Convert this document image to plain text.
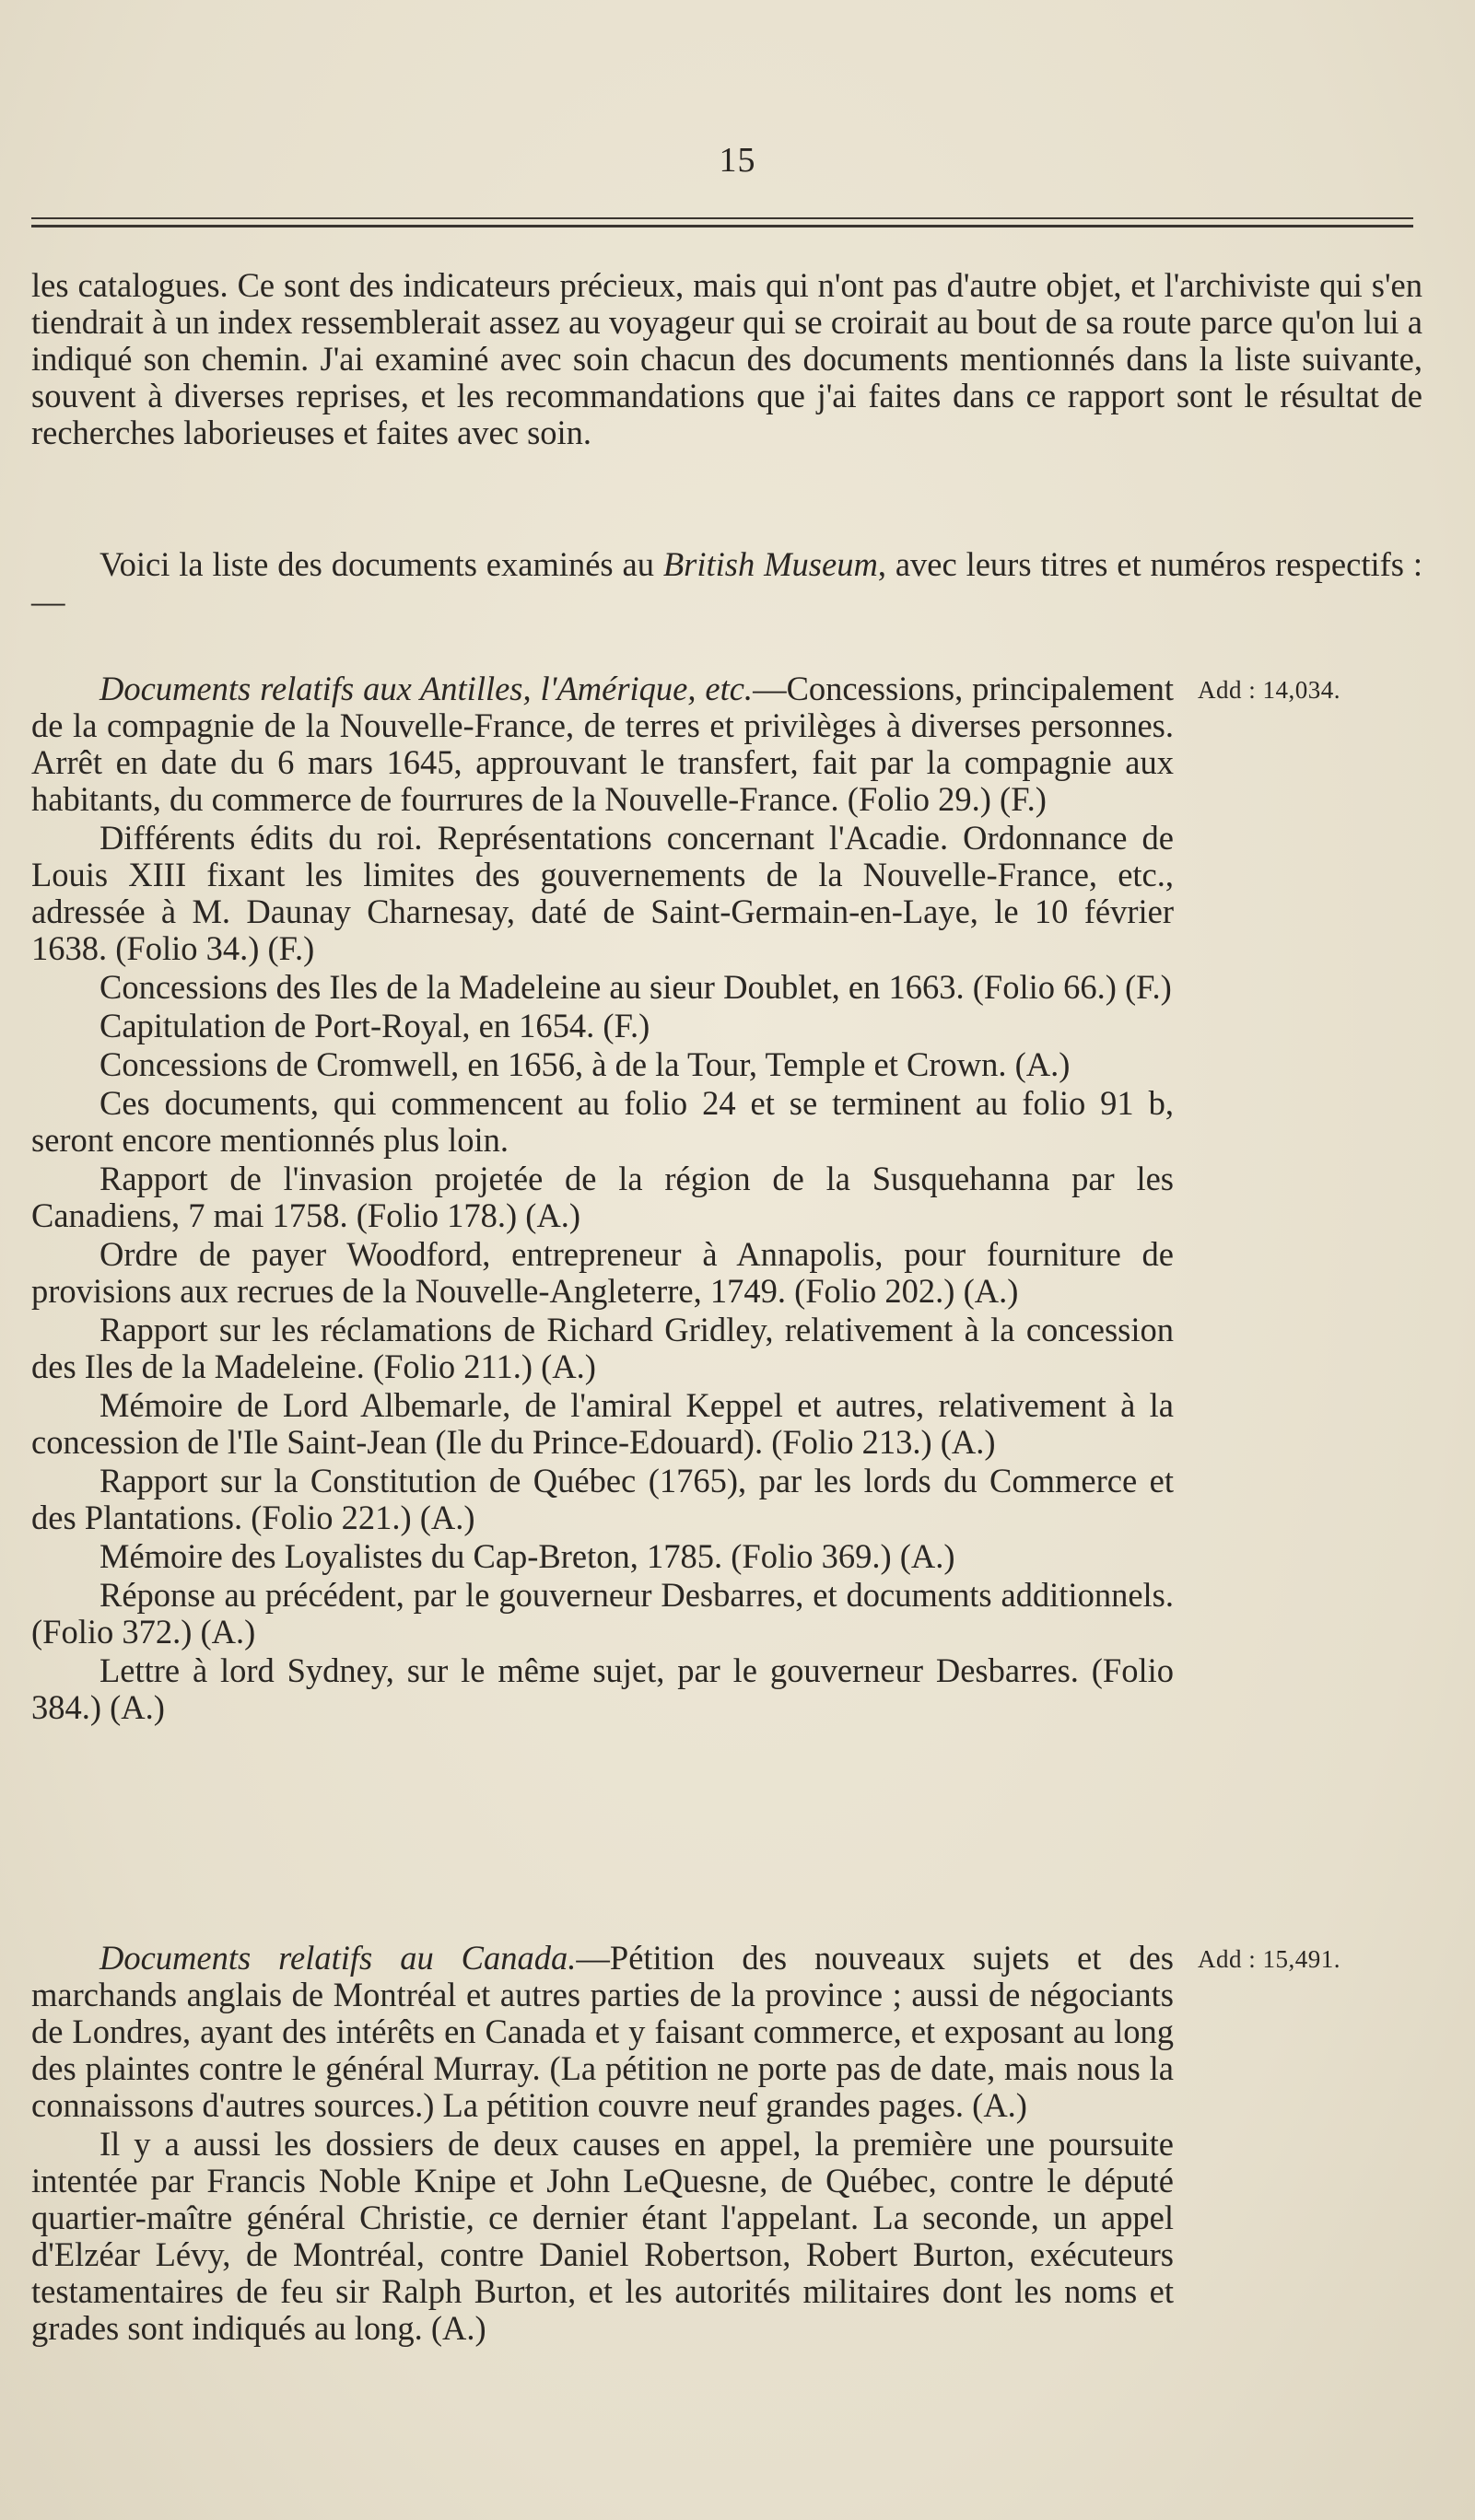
15

les catalogues. Ce sont des indicateurs précieux, mais qui n'ont pas d'autre objet, et l'archiviste qui s'en tiendrait à un index ressemblerait assez au voyageur qui se croirait au bout de sa route parce qu'on lui a indiqué son chemin. J'ai examiné avec soin chacun des documents mentionnés dans la liste suivante, souvent à diverses reprises, et les recommandations que j'ai faites dans ce rapport sont le résultat de recherches laborieuses et faites avec soin.

Voici la liste des documents examinés au British Museum, avec leurs titres et numéros respectifs :—

Add : 14,034.

Documents relatifs aux Antilles, l'Amérique, etc.—Concessions, principalement de la compagnie de la Nouvelle-France, de terres et privilèges à diverses personnes. Arrêt en date du 6 mars 1645, approuvant le transfert, fait par la compagnie aux habitants, du commerce de fourrures de la Nouvelle-France. (Folio 29.) (F.)

Différents édits du roi. Représentations concernant l'Acadie. Ordonnance de Louis XIII fixant les limites des gouvernements de la Nouvelle-France, etc., adressée à M. Daunay Charnesay, daté de Saint-Germain-en-Laye, le 10 février 1638. (Folio 34.) (F.)

Concessions des Iles de la Madeleine au sieur Doublet, en 1663. (Folio 66.) (F.)

Capitulation de Port-Royal, en 1654. (F.)

Concessions de Cromwell, en 1656, à de la Tour, Temple et Crown. (A.)

Ces documents, qui commencent au folio 24 et se terminent au folio 91 b, seront encore mentionnés plus loin.

Rapport de l'invasion projetée de la région de la Susquehanna par les Canadiens, 7 mai 1758. (Folio 178.) (A.)

Ordre de payer Woodford, entrepreneur à Annapolis, pour fourniture de provisions aux recrues de la Nouvelle-Angleterre, 1749. (Folio 202.) (A.)

Rapport sur les réclamations de Richard Gridley, relativement à la concession des Iles de la Madeleine. (Folio 211.) (A.)

Mémoire de Lord Albemarle, de l'amiral Keppel et autres, relativement à la concession de l'Ile Saint-Jean (Ile du Prince-Edouard). (Folio 213.) (A.)

Rapport sur la Constitution de Québec (1765), par les lords du Commerce et des Plantations. (Folio 221.) (A.)

Mémoire des Loyalistes du Cap-Breton, 1785. (Folio 369.) (A.)

Réponse au précédent, par le gouverneur Desbarres, et documents additionnels. (Folio 372.) (A.)

Lettre à lord Sydney, sur le même sujet, par le gouverneur Desbarres. (Folio 384.) (A.)

Add : 15,491.

Documents relatifs au Canada.—Pétition des nouveaux sujets et des marchands anglais de Montréal et autres parties de la province ; aussi de négociants de Londres, ayant des intérêts en Canada et y faisant commerce, et exposant au long des plaintes contre le général Murray. (La pétition ne porte pas de date, mais nous la connaissons d'autres sources.) La pétition couvre neuf grandes pages. (A.)

Il y a aussi les dossiers de deux causes en appel, la première une poursuite intentée par Francis Noble Knipe et John LeQuesne, de Québec, contre le député quartier-maître général Christie, ce dernier étant l'appelant. La seconde, un appel d'Elzéar Lévy, de Montréal, contre Daniel Robertson, Robert Burton, exécuteurs testamentaires de feu sir Ralph Burton, et les autorités militaires dont les noms et grades sont indiqués au long. (A.)
